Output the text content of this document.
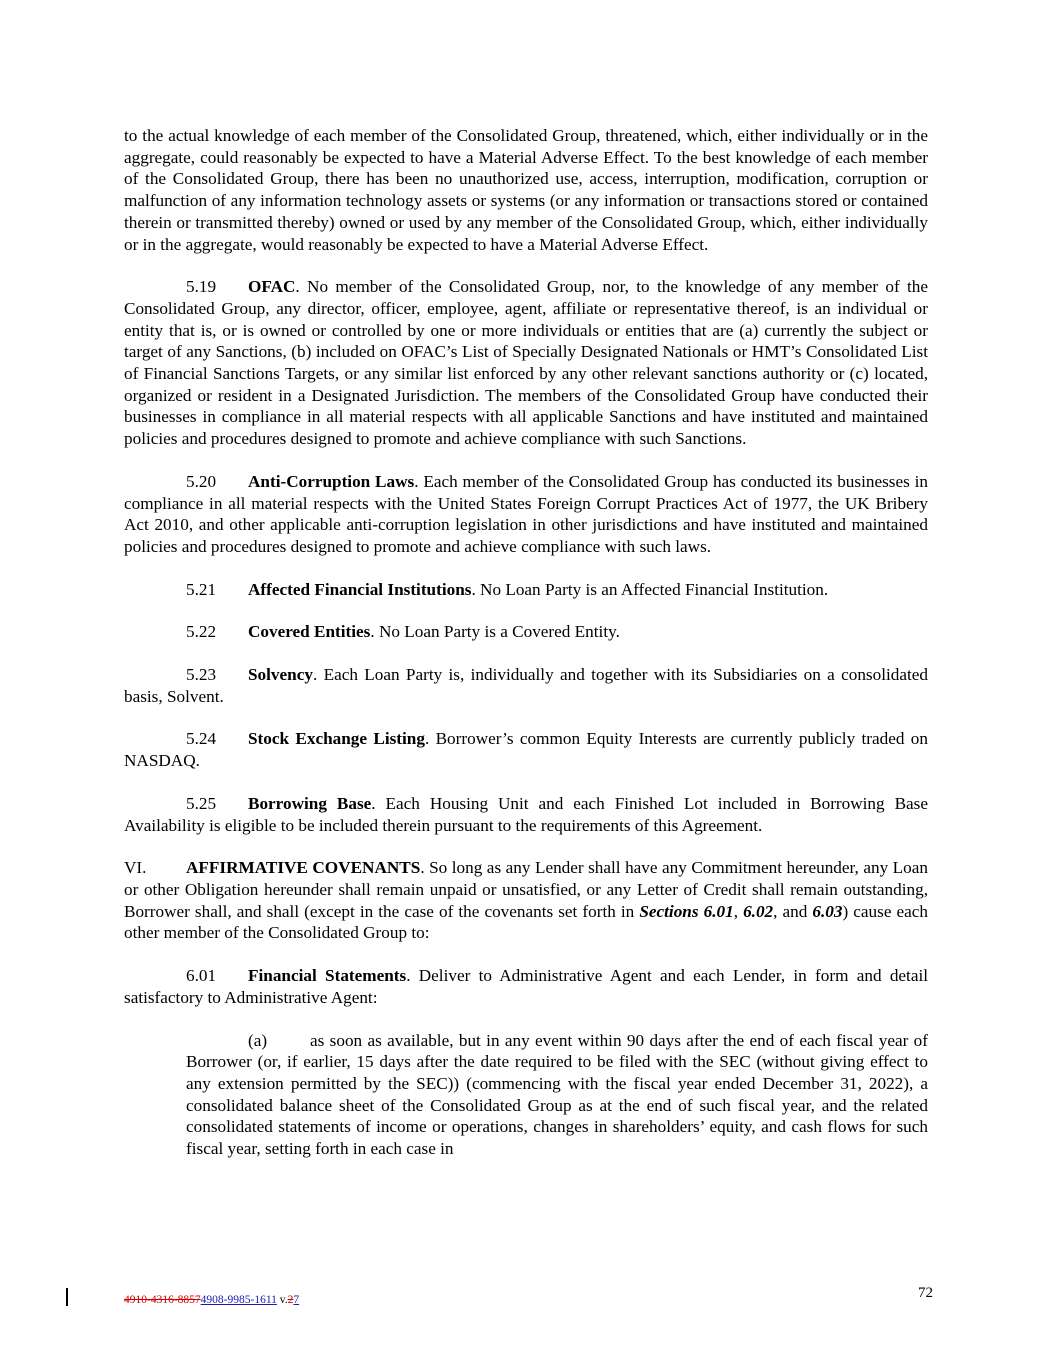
to the actual knowledge of each member of the Consolidated Group, threatened, which, either individually or in the aggregate, could reasonably be expected to have a Material Adverse Effect. To the best knowledge of each member of the Consolidated Group, there has been no unauthorized use, access, interruption, modification, corruption or malfunction of any information technology assets or systems (or any information or transactions stored or contained therein or transmitted thereby) owned or used by any member of the Consolidated Group, which, either individually or in the aggregate, would reasonably be expected to have a Material Adverse Effect.

5.19 OFAC. No member of the Consolidated Group, nor, to the knowledge of any member of the Consolidated Group, any director, officer, employee, agent, affiliate or representative thereof, is an individual or entity that is, or is owned or controlled by one or more individuals or entities that are (a) currently the subject or target of any Sanctions, (b) included on OFAC’s List of Specially Designated Nationals or HMT’s Consolidated List of Financial Sanctions Targets, or any similar list enforced by any other relevant sanctions authority or (c) located, organized or resident in a Designated Jurisdiction. The members of the Consolidated Group have conducted their businesses in compliance in all material respects with all applicable Sanctions and have instituted and maintained policies and procedures designed to promote and achieve compliance with such Sanctions.

5.20 Anti-Corruption Laws. Each member of the Consolidated Group has conducted its businesses in compliance in all material respects with the United States Foreign Corrupt Practices Act of 1977, the UK Bribery Act 2010, and other applicable anti-corruption legislation in other jurisdictions and have instituted and maintained policies and procedures designed to promote and achieve compliance with such laws.

5.21 Affected Financial Institutions. No Loan Party is an Affected Financial Institution.

5.22 Covered Entities. No Loan Party is a Covered Entity.

5.23 Solvency. Each Loan Party is, individually and together with its Subsidiaries on a consolidated basis, Solvent.

5.24 Stock Exchange Listing. Borrower’s common Equity Interests are currently publicly traded on NASDAQ.

5.25 Borrowing Base. Each Housing Unit and each Finished Lot included in Borrowing Base Availability is eligible to be included therein pursuant to the requirements of this Agreement.

VI. AFFIRMATIVE COVENANTS. So long as any Lender shall have any Commitment hereunder, any Loan or other Obligation hereunder shall remain unpaid or unsatisfied, or any Letter of Credit shall remain outstanding, Borrower shall, and shall (except in the case of the covenants set forth in Sections 6.01, 6.02, and 6.03) cause each other member of the Consolidated Group to:

6.01 Financial Statements. Deliver to Administrative Agent and each Lender, in form and detail satisfactory to Administrative Agent:

(a) as soon as available, but in any event within 90 days after the end of each fiscal year of Borrower (or, if earlier, 15 days after the date required to be filed with the SEC (without giving effect to any extension permitted by the SEC)) (commencing with the fiscal year ended December 31, 2022), a consolidated balance sheet of the Consolidated Group as at the end of such fiscal year, and the related consolidated statements of income or operations, changes in shareholders’ equity, and cash flows for such fiscal year, setting forth in each case in

4910-4316-88574908-9985-1611 v.27	72
